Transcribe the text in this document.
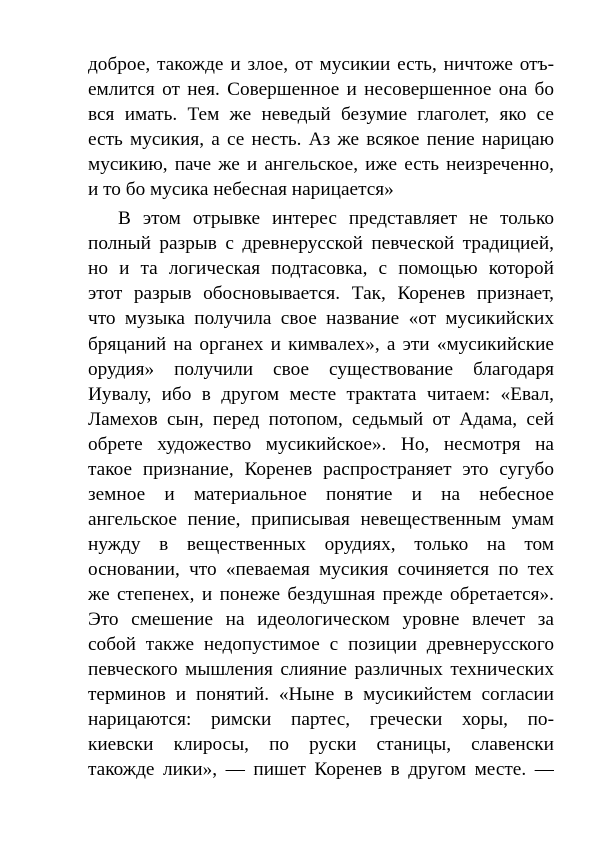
доброе, такожде и злое, от мусикии есть, ничтоже отъ-
емлится от нея. Совершенное и несовершенное она бо
вся имать. Тем же неведый безумие глаголет, яко се
есть мусикия, а се несть. Аз же всякое пение нарицаю
мусикию, паче же и ангельское, иже есть неизреченно,
и то бо мусика небесная нарицается»
В этом отрывке интерес представляет не только
полный разрыв с древнерусской певческой традицией,
но и та логическая подтасовка, с помощью которой
этот разрыв обосновывается. Так, Коренев признает,
что музыка получила свое название «от мусикийских
бряцаний на органех и кимвалех», а эти «мусикийские
орудия» получили свое существование благодаря
Иувалу, ибо в другом месте трактата читаем: «Евал,
Ламехов сын, перед потопом, седьмый от Адама, сей
обрете художество мусикийское». Но, несмотря на
такое признание, Коренев распространяет это сугубо
земное и материальное понятие и на небесное
ангельское пение, приписывая невещественным умам
нужду в вещественных орудиях, только на том
основании, что «певаемая мусикия сочиняется по тех
же степенех, и понеже бездушная прежде обретается».
Это смешение на идеологическом уровне влечет за
собой также недопустимое с позиции древнерусского
певческого мышления слияние различных технических
терминов и понятий. «Ныне в мусикийстем согласии
нарицаются: римски партес, гречески хоры, по-
киевски клиросы, по руски станицы, славенски
такожде лики», — пишет Коренев в другом месте. —
